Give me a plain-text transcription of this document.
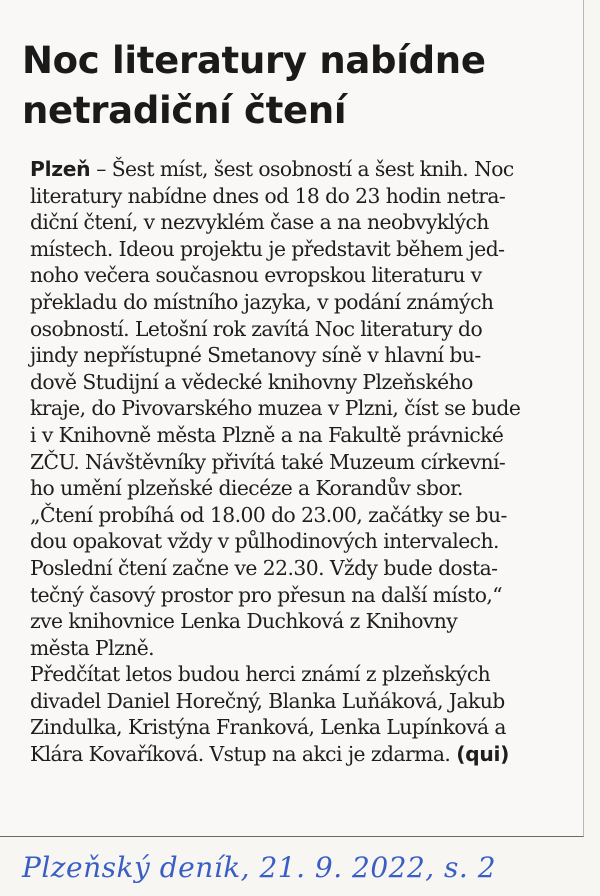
Noc literatury nabídne
netradiční čtení
Plzeň – Šest míst, šest osobností a šest knih. Noc
literatury nabídne dnes od 18 do 23 hodin netra-
diční čtení, v nezvyklém čase a na neobvyklých
místech. Ideou projektu je představit během jed-
noho večera současnou evropskou literaturu v
překladu do místního jazyka, v podání známých
osobností. Letošní rok zavítá Noc literatury do
jindy nepřístupné Smetanovy síně v hlavní bu-
dově Studijní a vědecké knihovny Plzeňského
kraje, do Pivovarského muzea v Plzni, číst se bude
i v Knihovně města Plzně a na Fakultě právnické
ZČU. Návštěvníky přivítá také Muzeum církevní-
ho umění plzeňské diecéze a Korandův sbor.
„Čtení probíhá od 18.00 do 23.00, začátky se bu-
dou opakovat vždy v půlhodinových intervalech.
Poslední čtení začne ve 22.30. Vždy bude dosta-
tečný časový prostor pro přesun na další místo,“
zve knihovnice Lenka Duchková z Knihovny
města Plzně.
Předčítat letos budou herci známí z plzeňských
divadel Daniel Horečný, Blanka Luňáková, Jakub
Zindulka, Kristýna Franková, Lenka Lupínková a
Klára Kovaříková. Vstup na akci je zdarma. (qui)
Plzeňský deník, 21. 9. 2022, s. 2
